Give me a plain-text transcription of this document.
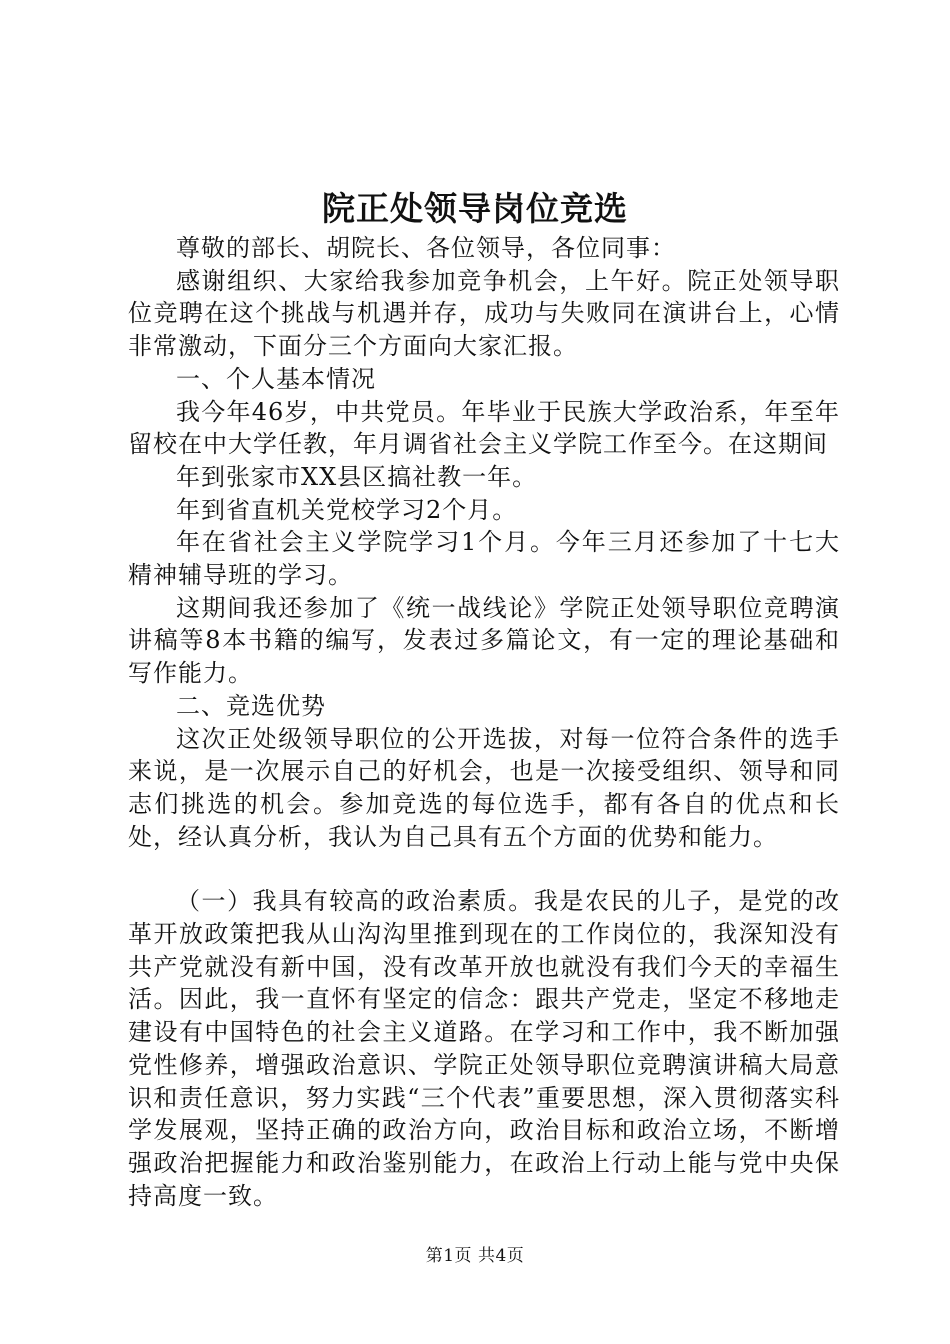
院正处领导岗位竞选

尊敬的部长、胡院长、各位领导，各位同事：

感谢组织、大家给我参加竞争机会，上午好。院正处领导职位竞聘在这个挑战与机遇并存，成功与失败同在演讲台上，心情非常激动，下面分三个方面向大家汇报。

一、个人基本情况

我今年46岁，中共党员。年毕业于民族大学政治系，年至年留校在中大学任教，年月调省社会主义学院工作至今。在这期间

年到张家市XX县区搞社教一年。

年到省直机关党校学习2个月。

年在省社会主义学院学习1个月。今年三月还参加了十七大精神辅导班的学习。

这期间我还参加了《统一战线论》学院正处领导职位竞聘演讲稿等8本书籍的编写，发表过多篇论文，有一定的理论基础和写作能力。

二、竞选优势

这次正处级领导职位的公开选拔，对每一位符合条件的选手来说，是一次展示自己的好机会，也是一次接受组织、领导和同志们挑选的机会。参加竞选的每位选手，都有各自的优点和长处，经认真分析，我认为自己具有五个方面的优势和能力。

（一）我具有较高的政治素质。我是农民的儿子，是党的改革开放政策把我从山沟沟里推到现在的工作岗位的，我深知没有共产党就没有新中国，没有改革开放也就没有我们今天的幸福生活。因此，我一直怀有坚定的信念：跟共产党走，坚定不移地走建设有中国特色的社会主义道路。在学习和工作中，我不断加强党性修养，增强政治意识、学院正处领导职位竞聘演讲稿大局意识和责任意识，努力实践“三个代表”重要思想，深入贯彻落实科学发展观，坚持正确的政治方向，政治目标和政治立场，不断增强政治把握能力和政治鉴别能力，在政治上行动上能与党中央保持高度一致。

第1页 共4页
